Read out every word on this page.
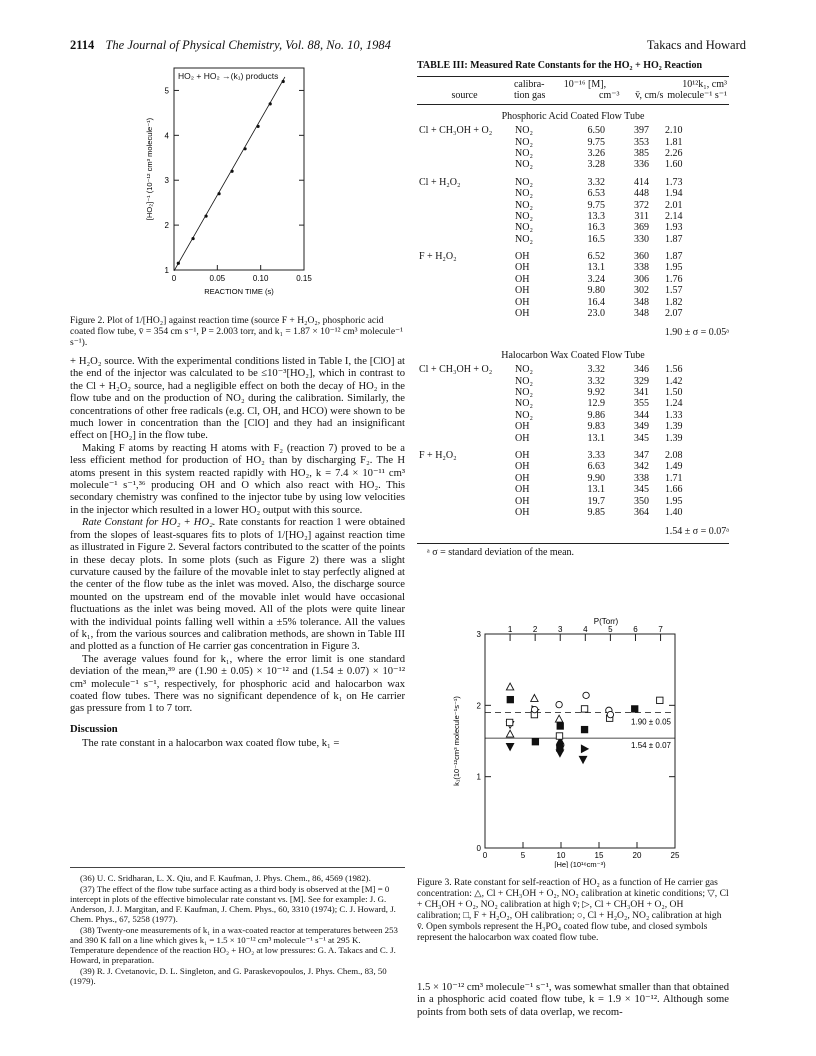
2114 The Journal of Physical Chemistry, Vol. 88, No. 10, 1984	Takacs and Howard
HO₂ + HO₂ →(k₁) products
0	0.05	0.10	0.15
1
2
3
4
5
REACTION TIME (s)
[HO₂]⁻¹ (10⁻¹² cm³ molecule⁻¹)
Figure 2. Plot of 1/[HO₂] against reaction time (source F + H₂O₂, phosphoric acid coated flow tube, v̄ = 354 cm s⁻¹, P = 2.003 torr, and k₁ = 1.87 × 10⁻¹² cm³ molecule⁻¹ s⁻¹).

+ H₂O₂ source. With the experimental conditions listed in Table I, the [ClO] at the end of the injector was calculated to be ≤10⁻³[HO₂], which in contrast to the Cl + H₂O₂ source, had a negligible effect on both the decay of HO₂ in the flow tube and on the production of NO₂ during the calibration. Similarly, the concentrations of other free radicals (e.g. Cl, OH, and HCO) were shown to be much lower in concentration than the [ClO] and they had an insignificant effect on [HO₂] in the flow tube.

Making F atoms by reacting H atoms with F₂ (reaction 7) proved to be a less efficient method for production of HO₂ than by discharging F₂. The H atoms present in this system reacted rapidly with HO₂, k = 7.4 × 10⁻¹¹ cm³ molecule⁻¹ s⁻¹,³⁶ producing OH and O which also react with HO₂. This secondary chemistry was confined to the injector tube by using low velocities in the injector which resulted in a lower HO₂ output with this source.

Rate Constant for HO₂ + HO₂. Rate constants for reaction 1 were obtained from the slopes of least-squares fits to plots of 1/[HO₂] against reaction time as illustrated in Figure 2. Several factors contributed to the scatter of the points in these decay plots. In some plots (such as Figure 2) there was a slight curvature caused by the failure of the movable inlet to stay perfectly aligned at the center of the flow tube as the inlet was moved. Also, the discharge source mounted on the upstream end of the movable inlet would have occasional fluctuations as the inlet was being moved. All of the plots were quite linear with the individual points falling well within a ±5% tolerance. All the values of k₁, from the various sources and calibration methods, are shown in Table III and plotted as a function of He carrier gas concentration in Figure 3.

The average values found for k₁, where the error limit is one standard deviation of the mean,³⁹ are (1.90 ± 0.05) × 10⁻¹² and (1.54 ± 0.07) × 10⁻¹² cm³ molecule⁻¹ s⁻¹, respectively, for phosphoric acid and halocarbon wax coated flow tubes. There was no significant dependence of k₁ on He carrier gas pressure from 1 to 7 torr.

Discussion

The rate constant in a halocarbon wax coated flow tube, k₁ =

(36) U. C. Sridharan, L. X. Qiu, and F. Kaufman, J. Phys. Chem., 86, 4569 (1982).

(37) The effect of the flow tube surface acting as a third body is observed at the [M] = 0 intercept in plots of the effective bimolecular rate constant vs. [M]. See for example: J. G. Anderson, J. J. Margitan, and F. Kaufman, J. Chem. Phys., 60, 3310 (1974); C. J. Howard, J. Chem. Phys., 67, 5258 (1977).

(38) Twenty-one measurements of k₁ in a wax-coated reactor at temperatures between 253 and 390 K fall on a line which gives k₁ = 1.5 × 10⁻¹² cm³ molecule⁻¹ s⁻¹ at 295 K. Temperature dependence of the reaction HO₂ + HO₂ at low pressures: G. A. Takacs and C. J. Howard, in preparation.

(39) R. J. Cvetanovic, D. L. Singleton, and G. Paraskevopoulos, J. Phys. Chem., 83, 50 (1979).

TABLE III: Measured Rate Constants for the HO₂ + HO₂ Reaction
	calibra-	10⁻¹⁶ [M],		10¹²k₁, cm³
source	tion gas	cm⁻³	v̄, cm/s	molecule⁻¹ s⁻¹
Phosphoric Acid Coated Flow Tube				
Cl + CH₃OH + O₂	NO₂	6.50	397	2.10
	NO₂	9.75	353	1.81
	NO₂	3.26	385	2.26
	NO₂	3.28	336	1.60

Cl + H₂O₂	NO₂	3.32	414	1.73
	NO₂	6.53	448	1.94
	NO₂	9.75	372	2.01
	NO₂	13.3	311	2.14
	NO₂	16.3	369	1.93
	NO₂	16.5	330	1.87

F + H₂O₂	OH	6.52	360	1.87
	OH	13.1	338	1.95
	OH	3.24	306	1.76
	OH	9.80	302	1.57
	OH	16.4	348	1.82
	OH	23.0	348	2.07

1.90 ± σ = 0.05ᵃ				
Halocarbon Wax Coated Flow Tube				
Cl + CH₃OH + O₂	NO₂	3.32	346	1.56
	NO₂	3.32	329	1.42
	NO₂	9.92	341	1.50
	NO₂	12.9	355	1.24
	NO₂	9.86	344	1.33
	OH	9.83	349	1.39
	OH	13.1	345	1.39

F + H₂O₂	OH	3.33	347	2.08
	OH	6.63	342	1.49
	OH	9.90	338	1.71
	OH	13.1	345	1.66
	OH	19.7	350	1.95
	OH	9.85	364	1.40

1.54 ± σ = 0.07ᵃ				
ᵃ σ = standard deviation of the mean.
P(Torr)
1	2	3	4	5	6	7
0	5	10	15	20	25
1
2
3
0
[He] (10¹⁶cm⁻³)
k₁(10⁻¹²cm³ molecule⁻¹s⁻¹)	1.90 ± 0.05
1.54 ± 0.07
Figure 3. Rate constant for self-reaction of HO₂ as a function of He carrier gas concentration: △, Cl + CH₃OH + O₂, NO₂ calibration at kinetic conditions; ▽, Cl + CH₃OH + O₂, NO₂ calibration at high v̄; ▷, Cl + CH₃OH + O₂, OH calibration; □, F + H₂O₂, OH calibration; ○, Cl + H₂O₂, NO₂ calibration at high v̄. Open symbols represent the H₃PO₄ coated flow tube, and closed symbols represent the halocarbon wax coated flow tube.

1.5 × 10⁻¹² cm³ molecule⁻¹ s⁻¹, was somewhat smaller than that obtained in a phosphoric acid coated flow tube, k = 1.9 × 10⁻¹². Although some points from both sets of data overlap, we recom-
